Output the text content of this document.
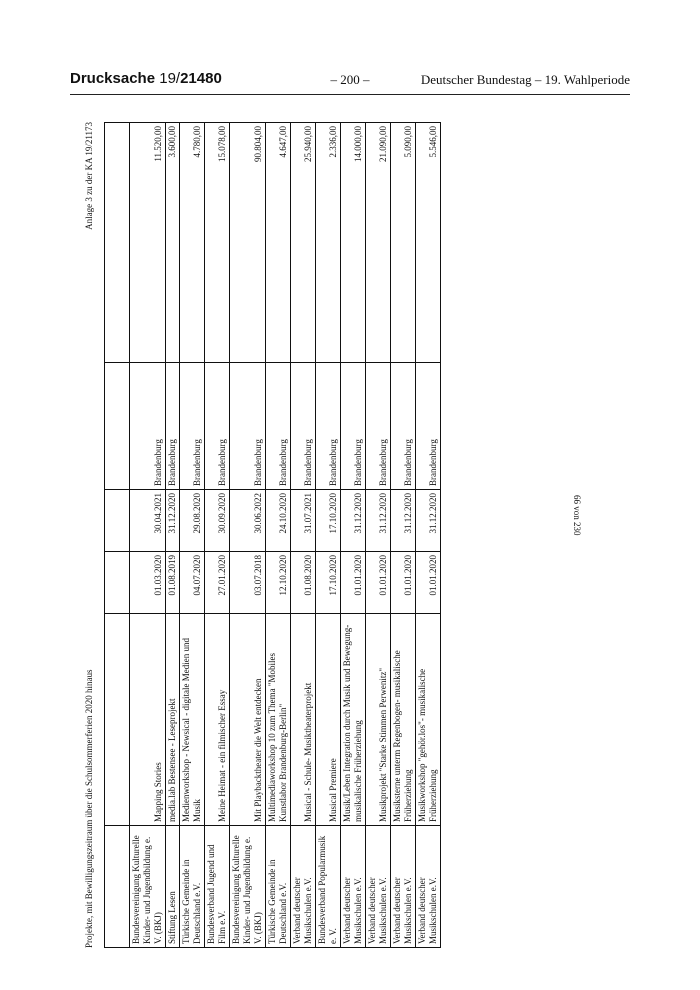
Drucksache 19/21480	– 200 –	Deutscher Bundestag – 19. Wahlperiode
Projekte, mit Bewilligungszeitraum über die Schulsommerferien 2020 hinaus
Anlage 3 zu der KA 19/21173

Bundesvereinigung Kulturelle Kinder- und Jugendbildung e. V. (BKJ)	Mapping Stories	01.03.2020	30.04.2021	Brandenburg	11.520,00
Stiftung Lesen	media.lab Bestensee - Leseprojekt	01.08.2019	31.12.2020	Brandenburg	3.600,00
Türkische Gemeinde in Deutschland e.V.	Medienworkshop - Newsical - digitale Medien und Musik	04.07.2020	29.08.2020	Brandenburg	4.780,00
Bundesverband Jugend und Film e.V.	Meine Heimat - ein filmischer Essay	27.01.2020	30.09.2020	Brandenburg	15.078,00
Bundesvereinigung Kulturelle Kinder- und Jugendbildung e. V. (BKJ)	Mit Playbacktheater die Welt entdecken	03.07.2018	30.06.2022	Brandenburg	90.804,00
Türkische Gemeinde in Deutschland e.V.	Multimediaworkshop 10 zum Thema "Mobiles Kunstlabor Brandenburg-Berlin"	12.10.2020	24.10.2020	Brandenburg	4.647,00
Verband deutscher Musikschulen e.V.	Musical - Schule- Musiktheaterprojekt	01.08.2020	31.07.2021	Brandenburg	25.940,00
Bundesverband Popularmusik e. V.	Musical Premiere	17.10.2020	17.10.2020	Brandenburg	2.336,00
Verband deutscher Musikschulen e.V.	Musik/Leben Integration durch Musik und Bewegung- musikalische Früherziehung	01.01.2020	31.12.2020	Brandenburg	14.000,00
Verband deutscher Musikschulen e.V.	Musikprojekt "Starke Stimmen Perwenitz"	01.01.2020	31.12.2020	Brandenburg	21.090,00
Verband deutscher Musikschulen e.V.	Musiksterne unterm Regenbogen- musikalische Früherziehung	01.01.2020	31.12.2020	Brandenburg	5.090,00
Verband deutscher Musikschulen e.V.	Musikworkshop "gehör.los"- musikalische Früherziehung	01.01.2020	31.12.2020	Brandenburg	5.546,00
66 von 230
